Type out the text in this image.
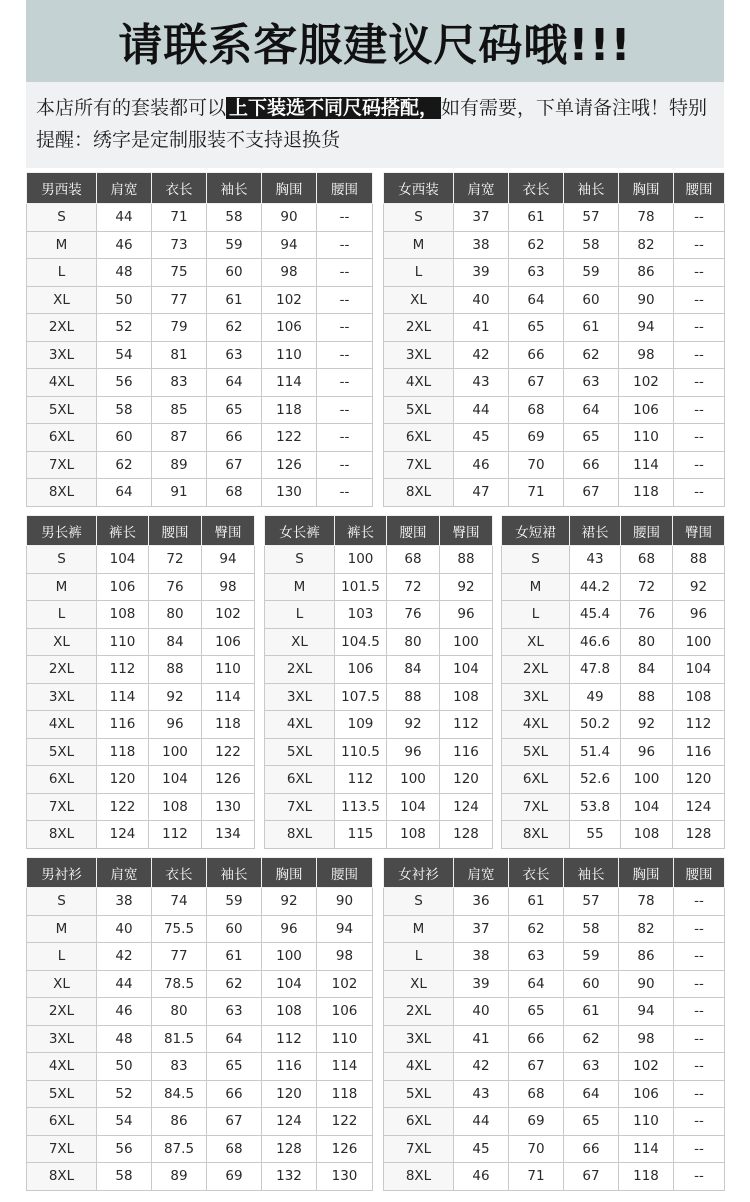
请联系客服建议尺码哦!!!
本店所有的套装都可以 上下装选不同尺码搭配， 如有需要，下单请备注哦！特别提醒：绣字是定制服装不支持退换货
男西装	肩宽	衣长	袖长	胸围	腰围
S	44	71	58	90	--
M	46	73	59	94	--
L	48	75	60	98	--
XL	50	77	61	102	--
2XL	52	79	62	106	--
3XL	54	81	63	110	--
4XL	56	83	64	114	--
5XL	58	85	65	118	--
6XL	60	87	66	122	--
7XL	62	89	67	126	--
8XL	64	91	68	130	--
女西装	肩宽	衣长	袖长	胸围	腰围
S	37	61	57	78	--
M	38	62	58	82	--
L	39	63	59	86	--
XL	40	64	60	90	--
2XL	41	65	61	94	--
3XL	42	66	62	98	--
4XL	43	67	63	102	--
5XL	44	68	64	106	--
6XL	45	69	65	110	--
7XL	46	70	66	114	--
8XL	47	71	67	118	--
男长裤	裤长	腰围	臀围
S	104	72	94
M	106	76	98
L	108	80	102
XL	110	84	106
2XL	112	88	110
3XL	114	92	114
4XL	116	96	118
5XL	118	100	122
6XL	120	104	126
7XL	122	108	130
8XL	124	112	134
女长裤	裤长	腰围	臀围
S	100	68	88
M	101.5	72	92
L	103	76	96
XL	104.5	80	100
2XL	106	84	104
3XL	107.5	88	108
4XL	109	92	112
5XL	110.5	96	116
6XL	112	100	120
7XL	113.5	104	124
8XL	115	108	128
女短裙	裙长	腰围	臀围
S	43	68	88
M	44.2	72	92
L	45.4	76	96
XL	46.6	80	100
2XL	47.8	84	104
3XL	49	88	108
4XL	50.2	92	112
5XL	51.4	96	116
6XL	52.6	100	120
7XL	53.8	104	124
8XL	55	108	128
男衬衫	肩宽	衣长	袖长	胸围	腰围
S	38	74	59	92	90
M	40	75.5	60	96	94
L	42	77	61	100	98
XL	44	78.5	62	104	102
2XL	46	80	63	108	106
3XL	48	81.5	64	112	110
4XL	50	83	65	116	114
5XL	52	84.5	66	120	118
6XL	54	86	67	124	122
7XL	56	87.5	68	128	126
8XL	58	89	69	132	130
女衬衫	肩宽	衣长	袖长	胸围	腰围
S	36	61	57	78	--
M	37	62	58	82	--
L	38	63	59	86	--
XL	39	64	60	90	--
2XL	40	65	61	94	--
3XL	41	66	62	98	--
4XL	42	67	63	102	--
5XL	43	68	64	106	--
6XL	44	69	65	110	--
7XL	45	70	66	114	--
8XL	46	71	67	118	--
